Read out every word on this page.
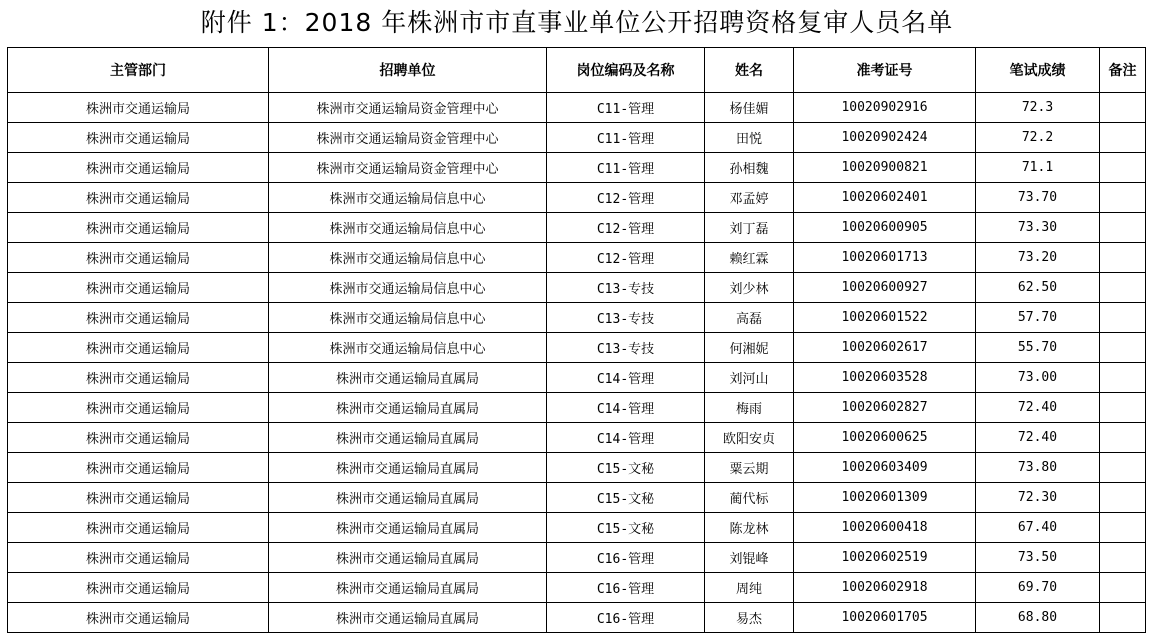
附件 1：2018 年株洲市市直事业单位公开招聘资格复审人员名单
主管部门	招聘单位	岗位编码及名称	姓名	准考证号	笔试成绩	备注
株洲市交通运输局	株洲市交通运输局资金管理中心	C11-管理	杨佳媚	10020902916	72.3	
株洲市交通运输局	株洲市交通运输局资金管理中心	C11-管理	田悦	10020902424	72.2	
株洲市交通运输局	株洲市交通运输局资金管理中心	C11-管理	孙相魏	10020900821	71.1	
株洲市交通运输局	株洲市交通运输局信息中心	C12-管理	邓孟婷	10020602401	73.70	
株洲市交通运输局	株洲市交通运输局信息中心	C12-管理	刘丁磊	10020600905	73.30	
株洲市交通运输局	株洲市交通运输局信息中心	C12-管理	赖红霖	10020601713	73.20	
株洲市交通运输局	株洲市交通运输局信息中心	C13-专技	刘少林	10020600927	62.50	
株洲市交通运输局	株洲市交通运输局信息中心	C13-专技	高磊	10020601522	57.70	
株洲市交通运输局	株洲市交通运输局信息中心	C13-专技	何湘妮	10020602617	55.70	
株洲市交通运输局	株洲市交通运输局直属局	C14-管理	刘河山	10020603528	73.00	
株洲市交通运输局	株洲市交通运输局直属局	C14-管理	梅雨	10020602827	72.40	
株洲市交通运输局	株洲市交通运输局直属局	C14-管理	欧阳安贞	10020600625	72.40	
株洲市交通运输局	株洲市交通运输局直属局	C15-文秘	粟云期	10020603409	73.80	
株洲市交通运输局	株洲市交通运输局直属局	C15-文秘	蔺代标	10020601309	72.30	
株洲市交通运输局	株洲市交通运输局直属局	C15-文秘	陈龙林	10020600418	67.40	
株洲市交通运输局	株洲市交通运输局直属局	C16-管理	刘锟峰	10020602519	73.50	
株洲市交通运输局	株洲市交通运输局直属局	C16-管理	周纯	10020602918	69.70	
株洲市交通运输局	株洲市交通运输局直属局	C16-管理	易杰	10020601705	68.80	
